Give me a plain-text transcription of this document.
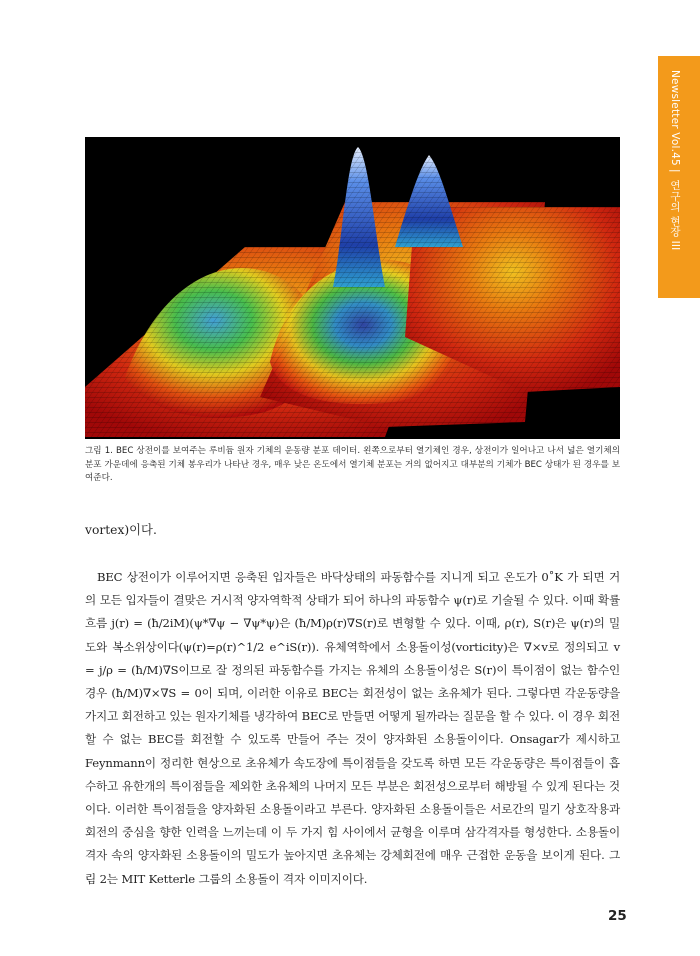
Newsletter Vol.45 | 연구의 현장 III
그림 1. BEC 상전이를 보여주는 루비듐 원자 기체의 운동량 분포 데이터. 왼쪽으로부터 열기체인 경우, 상전이가 일어나고 나서 넓은 열기체의 분포 가운데에 응축된 기체 봉우리가 나타난 경우, 매우 낮은 온도에서 열기체 분포는 거의 없어지고 대부분의 기체가 BEC 상태가 된 경우를 보여준다.
vortex)이다.

BEC 상전이가 이루어지면 응축된 입자들은 바닥상태의 파동함수를 지니게 되고 온도가 0˚K 가 되면 거의 모든 입자들이 결맞은 거시적 양자역학적 상태가 되어 하나의 파동함수 ψ(r)로 기술될 수 있다. 이때 확률흐름 j(r) = (ħ/2iM)(ψ*∇ψ − ∇ψ*ψ)은 (ħ/M)ρ(r)∇S(r)로 변형할 수 있다. 이때, ρ(r), S(r)은 ψ(r)의 밀도와 복소위상이다(ψ(r)=ρ(r)^1/2 e^iS(r)). 유체역학에서 소용돌이성(vorticity)은 ∇×v로 정의되고 v = j/ρ = (ħ/M)∇S이므로 잘 정의된 파동함수를 가지는 유체의 소용돌이성은 S(r)이 특이점이 없는 함수인 경우 (ħ/M)∇×∇S = 0이 되며, 이러한 이유로 BEC는 회전성이 없는 초유체가 된다. 그렇다면 각운동량을 가지고 회전하고 있는 원자기체를 냉각하여 BEC로 만들면 어떻게 될까라는 질문을 할 수 있다. 이 경우 회전할 수 없는 BEC를 회전할 수 있도록 만들어 주는 것이 양자화된 소용돌이이다. Onsagar가 제시하고 Feynmann이 정리한 현상으로 초유체가 속도장에 특이점들을 갖도록 하면 모든 각운동량은 특이점들이 흡수하고 유한개의 특이점들을 제외한 초유체의 나머지 모든 부분은 회전성으로부터 해방될 수 있게 된다는 것이다. 이러한 특이점들을 양자화된 소용돌이라고 부른다. 양자화된 소용돌이들은 서로간의 밀기 상호작용과 회전의 중심을 향한 인력을 느끼는데 이 두 가지 힘 사이에서 균형을 이루며 삼각격자를 형성한다. 소용돌이 격자 속의 양자화된 소용돌이의 밀도가 높아지면 초유체는 강체회전에 매우 근접한 운동을 보이게 된다. 그림 2는 MIT Ketterle 그룹의 소용돌이 격자 이미지이다.

25
